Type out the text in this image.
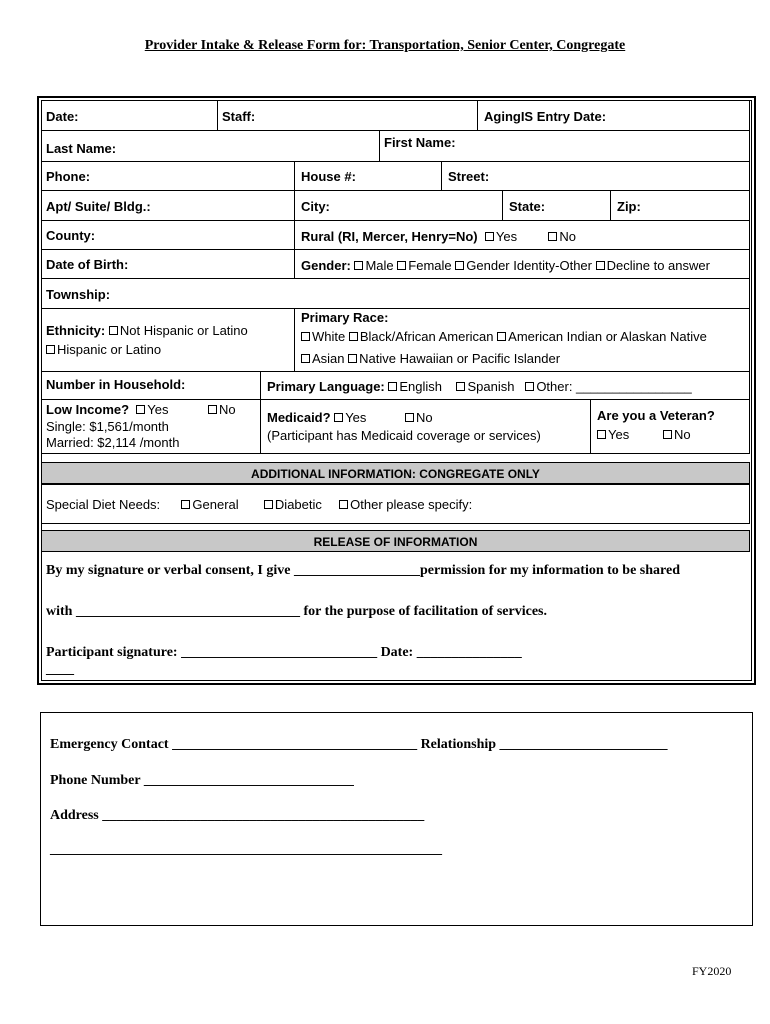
Provider Intake & Release Form for: Transportation, Senior Center, Congregate
Date:	Staff:	AgingIS Entry Date:
Last Name:	First Name:
Phone:	House #:	Street:
Apt/ Suite/ Bldg.:	City:	State:	Zip:
County:	Rural (RI, Mercer, Henry=No) Yes	No
Date of Birth:	Gender: Male Female Gender Identity-Other Decline to answer
Township:
Ethnicity: Not Hispanic or Latino
Hispanic or Latino
Primary Race:
White Black/African American American Indian or Alaskan Native
Asian Native Hawaiian or Pacific Islander
Number in Household:	Primary Language: English Spanish Other: ________________
Low Income? Yes	No
Single: $1,561/month
Married: $2,114 /month
Medicaid? Yes	No
(Participant has Medicaid coverage or services)
Are you a Veteran?
Yes	No
ADDITIONAL INFORMATION: CONGREGATE ONLY
Special Diet Needs: General	Diabetic Other please specify:
RELEASE OF INFORMATION
By my signature or verbal consent, I give __________________permission for my information to be shared
with ________________________________ for the purpose of facilitation of services.
Participant signature: ____________________________ Date: _______________
____
Emergency Contact ___________________________________ Relationship ________________________
Phone Number ______________________________
Address ______________________________________________
________________________________________________________
FY2020
